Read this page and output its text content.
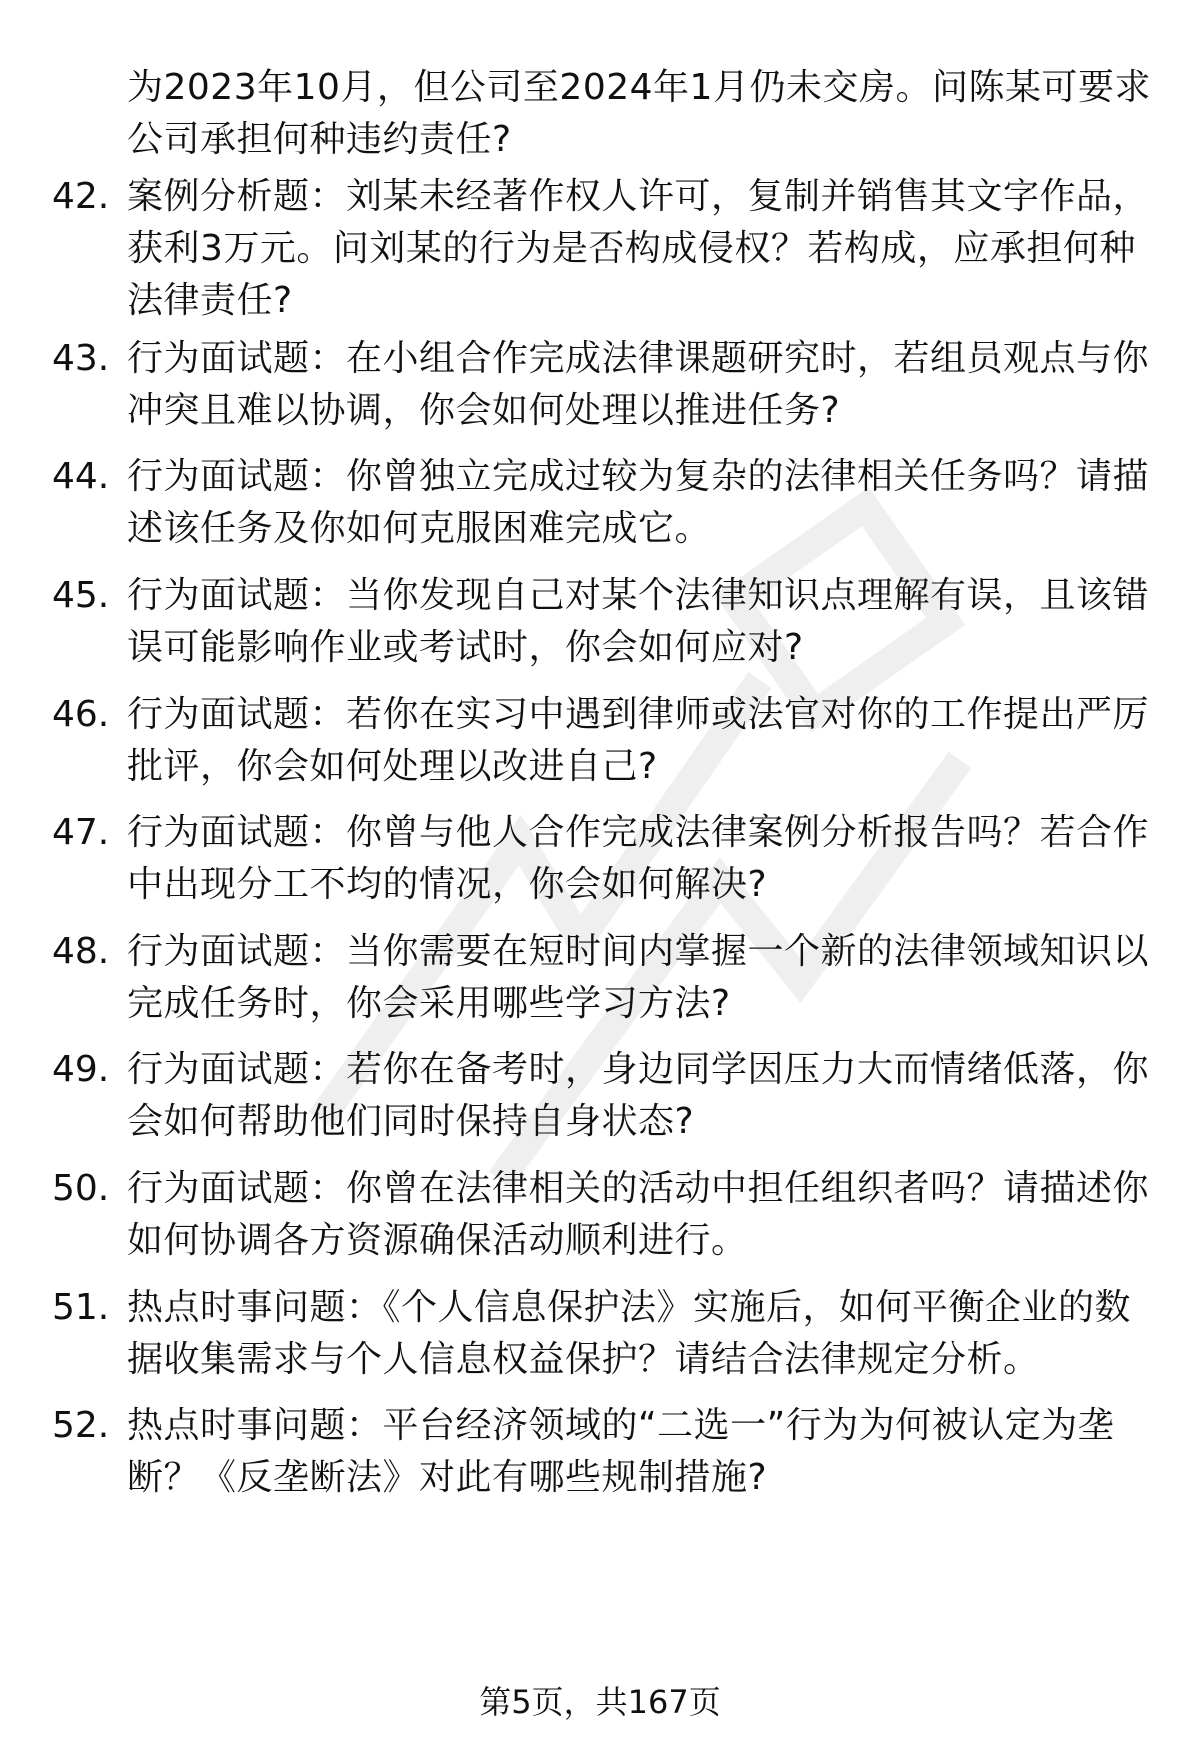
为2023年10月，但公司至2024年1月仍未交房。问陈某可要求公司承担何种违约责任?
42. 案例分析题：刘某未经著作权人许可，复制并销售其文字作品，获利3万元。问刘某的行为是否构成侵权？若构成，应承担何种法律责任?
43. 行为面试题：在小组合作完成法律课题研究时，若组员观点与你冲突且难以协调，你会如何处理以推进任务?
44. 行为面试题：你曾独立完成过较为复杂的法律相关任务吗？请描述该任务及你如何克服困难完成它。
45. 行为面试题：当你发现自己对某个法律知识点理解有误，且该错误可能影响作业或考试时，你会如何应对?
46. 行为面试题：若你在实习中遇到律师或法官对你的工作提出严厉批评，你会如何处理以改进自己?
47. 行为面试题：你曾与他人合作完成法律案例分析报告吗？若合作中出现分工不均的情况，你会如何解决?
48. 行为面试题：当你需要在短时间内掌握一个新的法律领域知识以完成任务时，你会采用哪些学习方法?
49. 行为面试题：若你在备考时，身边同学因压力大而情绪低落，你会如何帮助他们同时保持自身状态?
50. 行为面试题：你曾在法律相关的活动中担任组织者吗？请描述你如何协调各方资源确保活动顺利进行。
51. 热点时事问题：《个人信息保护法》实施后，如何平衡企业的数据收集需求与个人信息权益保护？请结合法律规定分析。
52. 热点时事问题：平台经济领域的“二选一”行为为何被认定为垄断？《反垄断法》对此有哪些规制措施?
第5页，共167页
